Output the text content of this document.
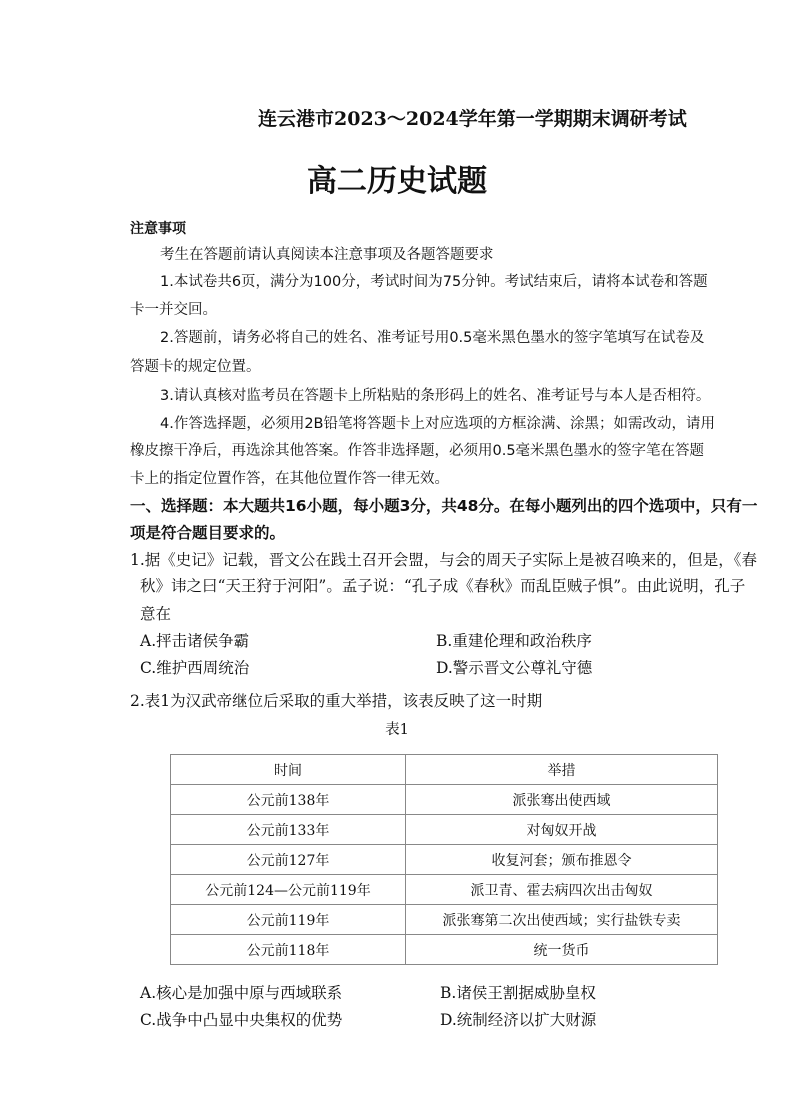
连云港市2023～2024学年第一学期期末调研考试
高二历史试题
注意事项
考生在答题前请认真阅读本注意事项及各题答题要求
1.本试卷共6页，满分为100分，考试时间为75分钟。考试结束后，请将本试卷和答题
卡一并交回。
2.答题前，请务必将自己的姓名、准考证号用0.5毫米黑色墨水的签字笔填写在试卷及
答题卡的规定位置。
3.请认真核对监考员在答题卡上所粘贴的条形码上的姓名、准考证号与本人是否相符。
4.作答选择题，必须用2B铅笔将答题卡上对应选项的方框涂满、涂黑；如需改动，请用
橡皮擦干净后，再选涂其他答案。作答非选择题，必须用0.5毫米黑色墨水的签字笔在答题
卡上的指定位置作答，在其他位置作答一律无效。
一、选择题：本大题共16小题，每小题3分，共48分。在每小题列出的四个选项中，只有一
项是符合题目要求的。
1.据《史记》记载，晋文公在践土召开会盟，与会的周天子实际上是被召唤来的，但是，《春
秋》讳之曰“天王狩于河阳”。孟子说：“孔子成《春秋》而乱臣贼子惧”。由此说明，孔子
意在
A.抨击诸侯争霸	B.重建伦理和政治秩序
C.维护西周统治	D.警示晋文公尊礼守德
2.表1为汉武帝继位后采取的重大举措，该表反映了这一时期
表1
时间	举措
公元前138年	派张骞出使西域
公元前133年	对匈奴开战
公元前127年	收复河套；颁布推恩令
公元前124—公元前119年	派卫青、霍去病四次出击匈奴
公元前119年	派张骞第二次出使西域；实行盐铁专卖
公元前118年	统一货币
A.核心是加强中原与西域联系	B.诸侯王割据威胁皇权
C.战争中凸显中央集权的优势	D.统制经济以扩大财源
